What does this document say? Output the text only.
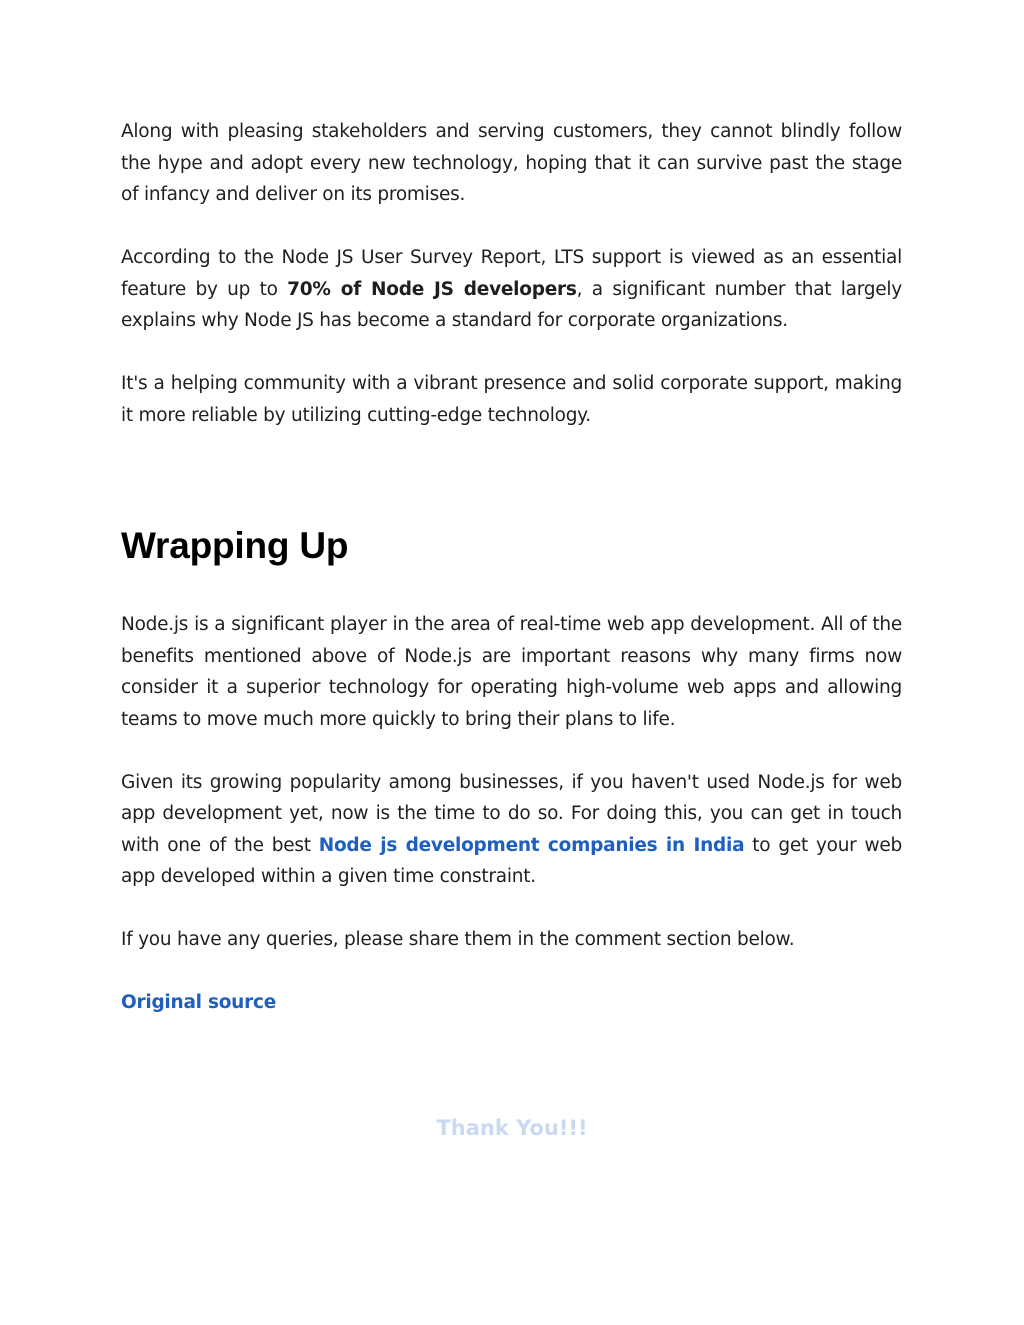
Along with pleasing stakeholders and serving customers, they cannot blindly follow the hype and adopt every new technology, hoping that it can survive past the stage of infancy and deliver on its promises.

According to the Node JS User Survey Report, LTS support is viewed as an essential feature by up to 70% of Node JS developers, a significant number that largely explains why Node JS has become a standard for corporate organizations.

It's a helping community with a vibrant presence and solid corporate support, making it more reliable by utilizing cutting-edge technology.

Wrapping Up

Node.js is a significant player in the area of real-time web app development. All of the benefits mentioned above of Node.js are important reasons why many firms now consider it a superior technology for operating high-volume web apps and allowing teams to move much more quickly to bring their plans to life.

Given its growing popularity among businesses, if you haven't used Node.js for web app development yet, now is the time to do so. For doing this, you can get in touch with one of the best Node js development companies in India to get your web app developed within a given time constraint.

If you have any queries, please share them in the comment section below.

Original source

Thank You!!!
